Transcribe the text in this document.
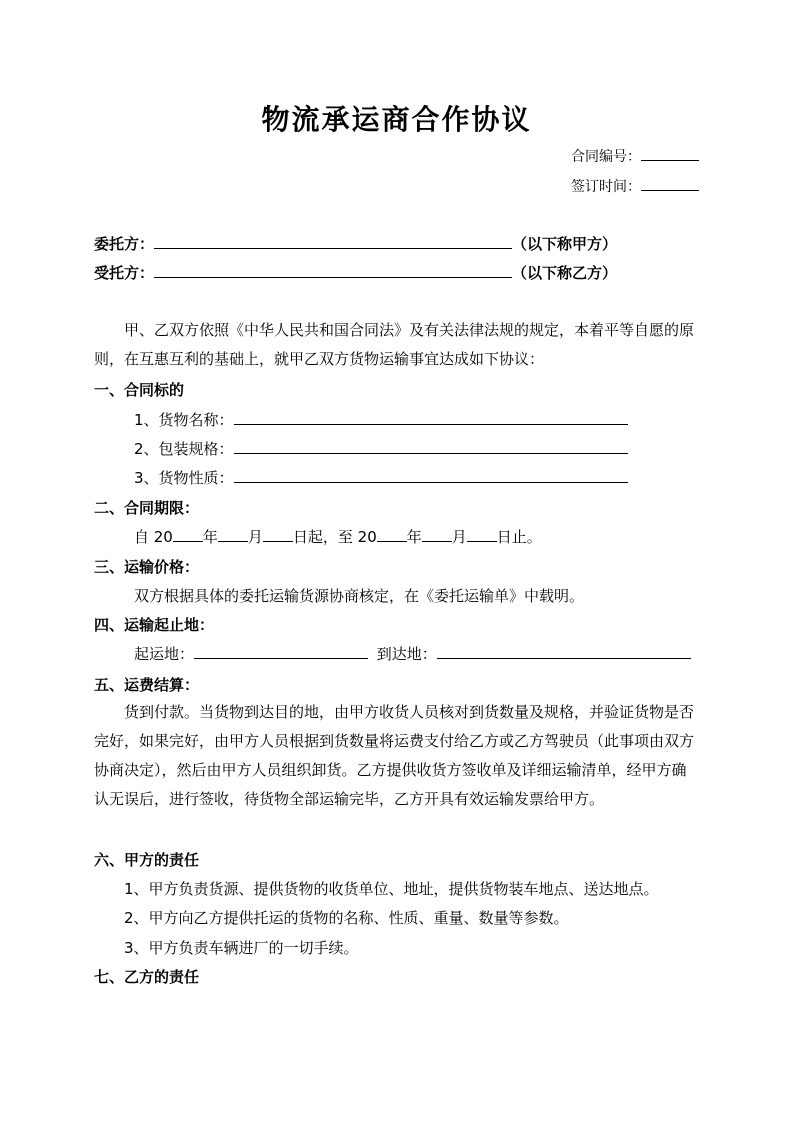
物流承运商合作协议
合同编号：
签订时间：
委托方：	（以下称甲方）
受托方：	（以下称乙方）
甲、乙双方依照《中华人民共和国合同法》及有关法律法规的规定，本着平等自愿的原则，在互惠互利的基础上，就甲乙双方货物运输事宜达成如下协议：
一、合同标的
1、货物名称：
2、包装规格：
3、货物性质：
二、合同期限：
自 20 年 月 日起，至 20 年 月 日止。
三、运输价格：
双方根据具体的委托运输货源协商核定，在《委托运输单》中载明。
四、运输起止地：
起运地：	到达地：
五、运费结算：
货到付款。当货物到达目的地，由甲方收货人员核对到货数量及规格，并验证货物是否完好，如果完好，由甲方人员根据到货数量将运费支付给乙方或乙方驾驶员（此事项由双方协商决定），然后由甲方人员组织卸货。乙方提供收货方签收单及详细运输清单，经甲方确认无误后，进行签收，待货物全部运输完毕，乙方开具有效运输发票给甲方。
六、甲方的责任
1、甲方负责货源、提供货物的收货单位、地址，提供货物装车地点、送达地点。
2、甲方向乙方提供托运的货物的名称、性质、重量、数量等参数。
3、甲方负责车辆进厂的一切手续。
七、乙方的责任
